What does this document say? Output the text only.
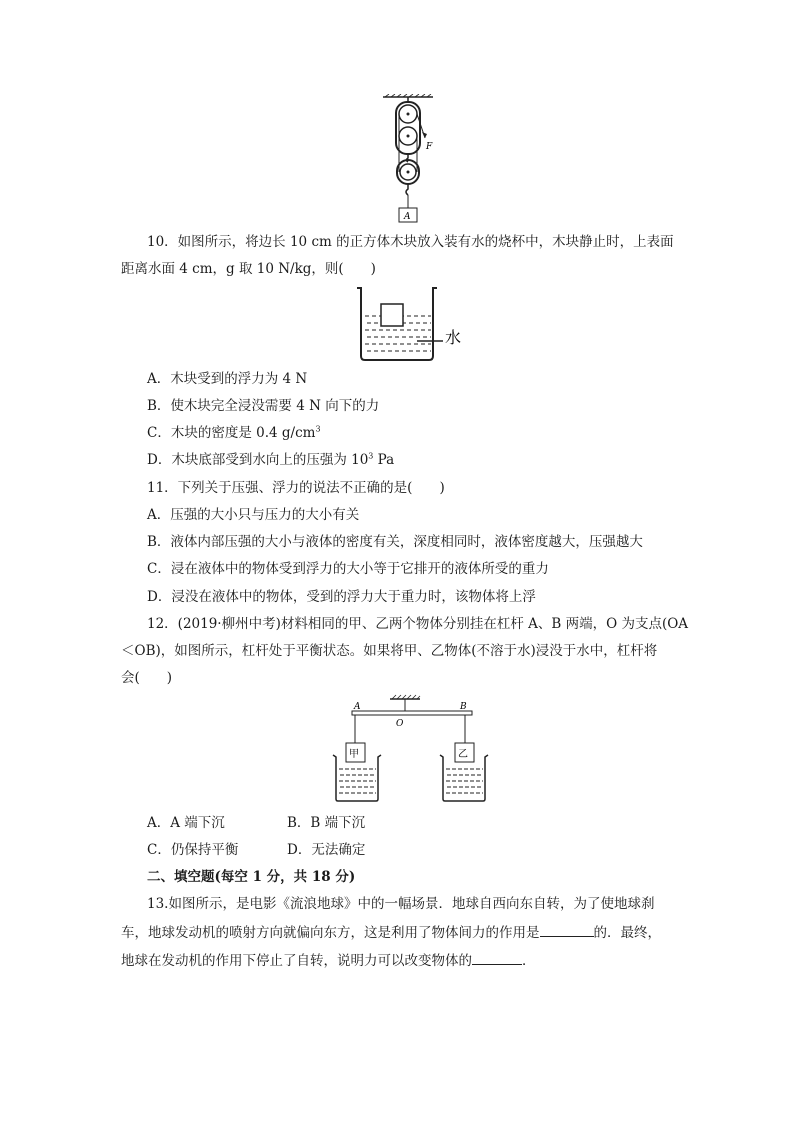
F
A
10．如图所示，将边长 10 cm 的正方体木块放入装有水的烧杯中，木块静止时，上表面
距离水面 4 cm，g 取 10 N/kg，则(　　)
水
A．木块受到的浮力为 4 N
B．使木块完全浸没需要 4 N 向下的力
C．木块的密度是 0.4 $g/cm^3$
D．木块底部受到水向上的压强为 $10^3$ Pa
11．下列关于压强、浮力的说法不正确的是(　　)
A．压强的大小只与压力的大小有关
B．液体内部压强的大小与液体的密度有关，深度相同时，液体密度越大，压强越大
C．浸在液体中的物体受到浮力的大小等于它排开的液体所受的重力
D．浸没在液体中的物体，受到的浮力大于重力时，该物体将上浮
12．(2019·柳州中考)材料相同的甲、乙两个物体分别挂在杠杆 A、B 两端，O 为支点(OA
＜OB)，如图所示，杠杆处于平衡状态。如果将甲、乙物体(不溶于水)浸没于水中，杠杆将
会(　　)
A
O
B
甲	乙
A．A 端下沉	B．B 端下沉
C．仍保持平衡	D．无法确定
二、填空题(每空 1 分，共 18 分)
13.如图所示，是电影《流浪地球》中的一幅场景．地球自西向东自转，为了使地球刹
车，地球发动机的喷射方向就偏向东方，这是利用了物体间力的作用是	的．最终，
地球在发动机的作用下停止了自转，说明力可以改变物体的	．
